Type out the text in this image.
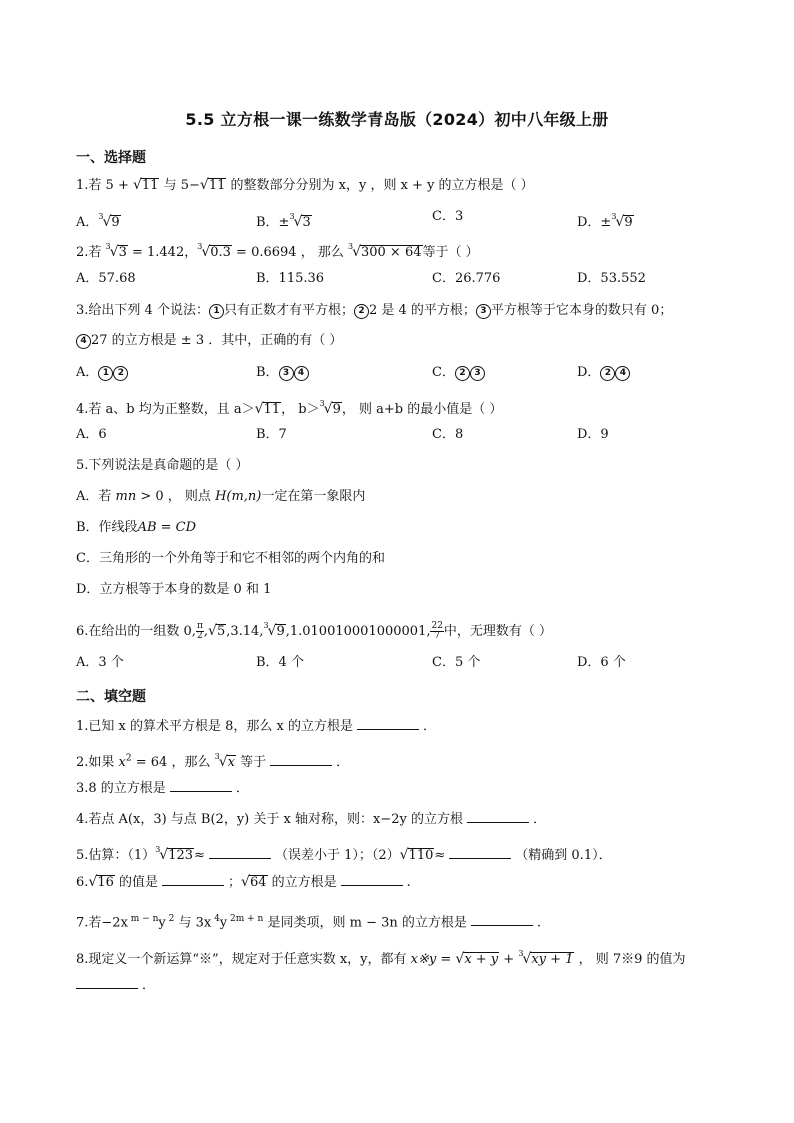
5.5 立方根一课一练数学青岛版（2024）初中八年级上册
一、选择题
1.若 5 + √11 与 5−√11 的整数部分分别为 x，y ，则 x + y 的立方根是（ ）
A．$^3$√9	B．±$^3$√3	C．3	D．±$^3$√9
2.若 $^3$√3 = 1.442，$^3$√0.3 = 0.6694 ， 那么 $^3$√300 × 64等于（ ）
A．57.68	B．115.36	C．26.776	D．53.552
3.给出下列 4 个说法： 1 只有正数才有平方根； 2 2 是 4 的平方根； 3 平方根等于它本身的数只有 0；
4 27 的立方根是 ± 3 ．其中，正确的有（ ）
A． 1 2	B． 3 4	C． 2 3	D． 2 4
4.若 a、b 均为正整数，且 a＞√11， b＞$^3$√9， 则 a+b 的最小值是（ ）
A．6	B．7	C．8	D．9
5.下列说法是真命题的是（ ）
A．若 mn > 0 ， 则点 H(m,n)一定在第一象限内
B．作线段AB = CD
C．三角形的一个外角等于和它不相邻的两个内角的和
D．立方根等于本身的数是 0 和 1
6.在给出的一组数 0, $\frac{\pi}{2} ,√5,3.14,^3√9,1.010010001000001$, $\frac{22}{7}$ 中，无理数有（ ）
A．3 个	B．4 个	C．5 个	D．6 个
二、填空题
1.已知 x 的算术平方根是 8，那么 x 的立方根是	．
2.如果 $x^2 = 64$ ，那么 $^3$√x 等于	．
3.8 的立方根是	．
4.若点 A(x，3) 与点 B(2，y) 关于 x 轴对称，则：x−2y 的立方根	．
5.估算：$(1)^3√123\approx$	（误差小于 1）；（2）√110≈	（精确到 0.1）．
6.√16 的值是	；√64 的立方根是	.
7.若−2x $^{m - n}$y $^2$ 与 3x $^4$y $^{2m + n}$ 是同类项，则 m − 3n 的立方根是	.
8.现定义一个新运算“※”，规定对于任意实数 x，y，都有 x※y = √x + y + $^3$√xy + 1 ， 则 7※9 的值为
．
